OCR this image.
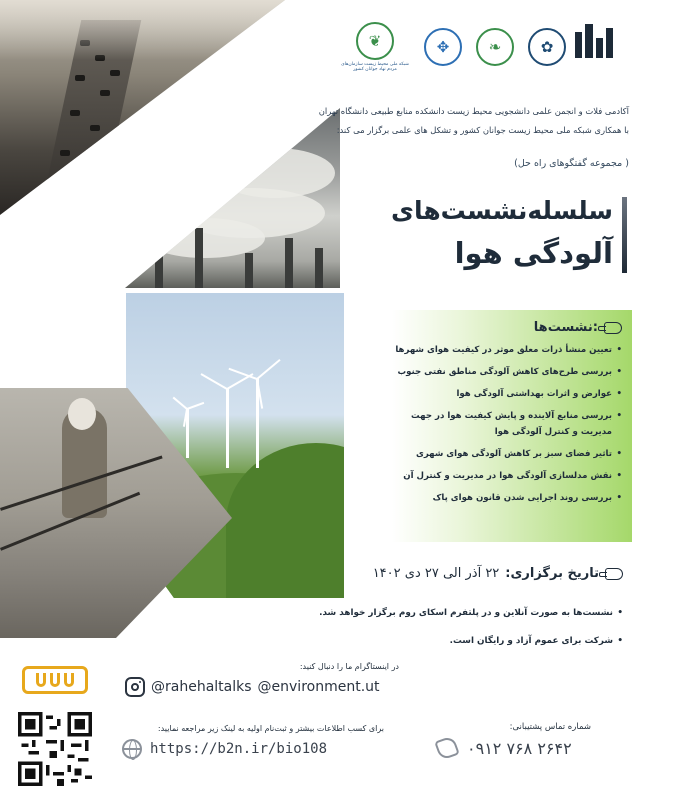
❦
شبکه ملی محیط زیست سازمان‌های مردم نهاد جوانان کشور
✥	❧	✿
آکادمی فلات و انجمن علمی دانشجویی محیط زیست دانشکده منابع طبیعی دانشگاه تهران
با همکاری شبکه ملی محیط زیست جوانان کشور و تشکل های علمی برگزار می کند:
(مجموعه گفتگوهای راه حل )
سلسله‌نشست‌های
آلودگی هوا
نشست‌ها:
• تعیین منشأ ذرات معلق موثر در کیفیت هوای شهرها
• بررسی طرح‌های کاهش آلودگی مناطق نفتی جنوب
• عوارض و اثرات بهداشتی آلودگی هوا
• بررسی منابع آلاینده و پایش کیفیت هوا در جهت مدیریت و کنترل آلودگی هوا
• تاثیر فضای سبز بر کاهش آلودگی هوای شهری
• نقش مدلسازی آلودگی هوا در مدیریت و کنترل آن
• بررسی روند اجرایی شدن قانون هوای پاک
تاریخ برگزاری:
۲۲ آذر الی ۲۷ دی ۱۴۰۲
• نشست‌ها به صورت آنلاین و در پلتفرم اسکای روم برگزار خواهد شد.
• شرکت برای عموم آزاد و رایگان است.
در اینستاگرام ما را دنبال کنید:
@rahehaltalks @environment.ut
برای کسب اطلاعات بیشتر و ثبت‌نام اولیه به لینک زیر مراجعه نمایید:
https://b2n.ir/bio108
شماره تماس پشتیبانی:
۰۹۱۲ ۷۶۸ ۲۶۴۲
